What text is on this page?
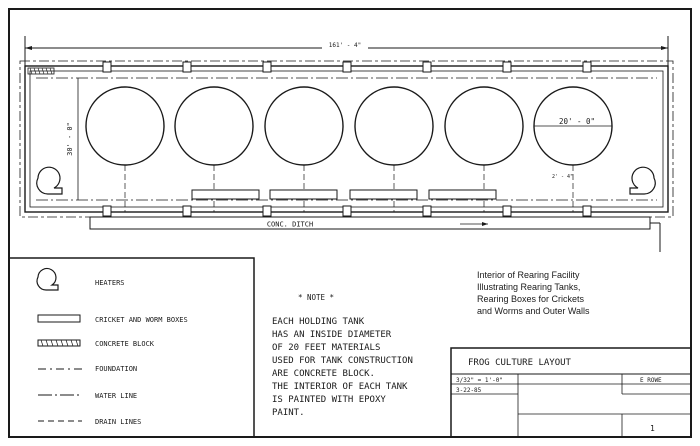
161' - 4"
30' - 0"
20' - 0"
2' - 4"
CONC. DITCH
HEATERS
CRICKET AND WORM BOXES
CONCRETE BLOCK
FOUNDATION
WATER LINE
DRAIN LINES
* NOTE *
EACH HOLDING TANK
HAS AN INSIDE DIAMETER
OF 20 FEET MATERIALS
USED FOR TANK CONSTRUCTION
ARE CONCRETE BLOCK.
THE INTERIOR OF EACH TANK
IS PAINTED WITH EPOXY
PAINT.
Interior of Rearing Facility
Illustrating Rearing Tanks,
Rearing Boxes for Crickets
and Worms and Outer Walls
FROG CULTURE LAYOUT
3/32" = 1'-0"
3-22-85
E ROWE
1
